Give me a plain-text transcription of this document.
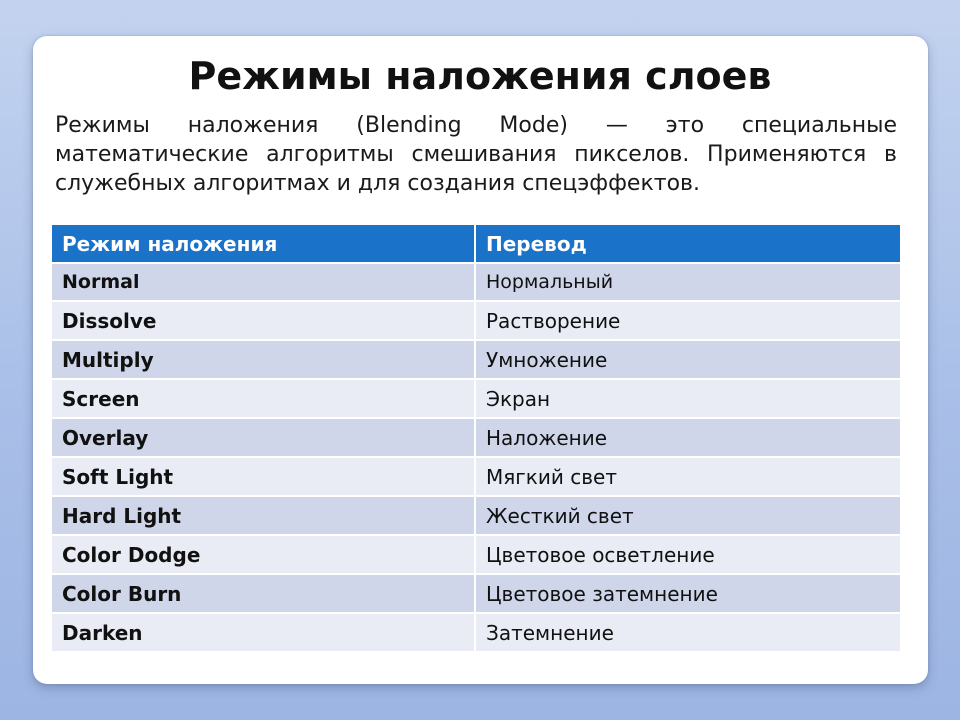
Режимы наложения слоев

Режимы наложения (Blending Mode) — это специальные математические алгоритмы смешивания пикселов. Применяются в служебных алгоритмах и для создания спецэффектов.

Режим наложения	Перевод
Normal	Нормальный
Dissolve	Растворение
Multiply	Умножение
Screen	Экран
Overlay	Наложение
Soft Light	Мягкий свет
Hard Light	Жесткий свет
Color Dodge	Цветовое осветление
Color Burn	Цветовое затемнение
Darken	Затемнение
